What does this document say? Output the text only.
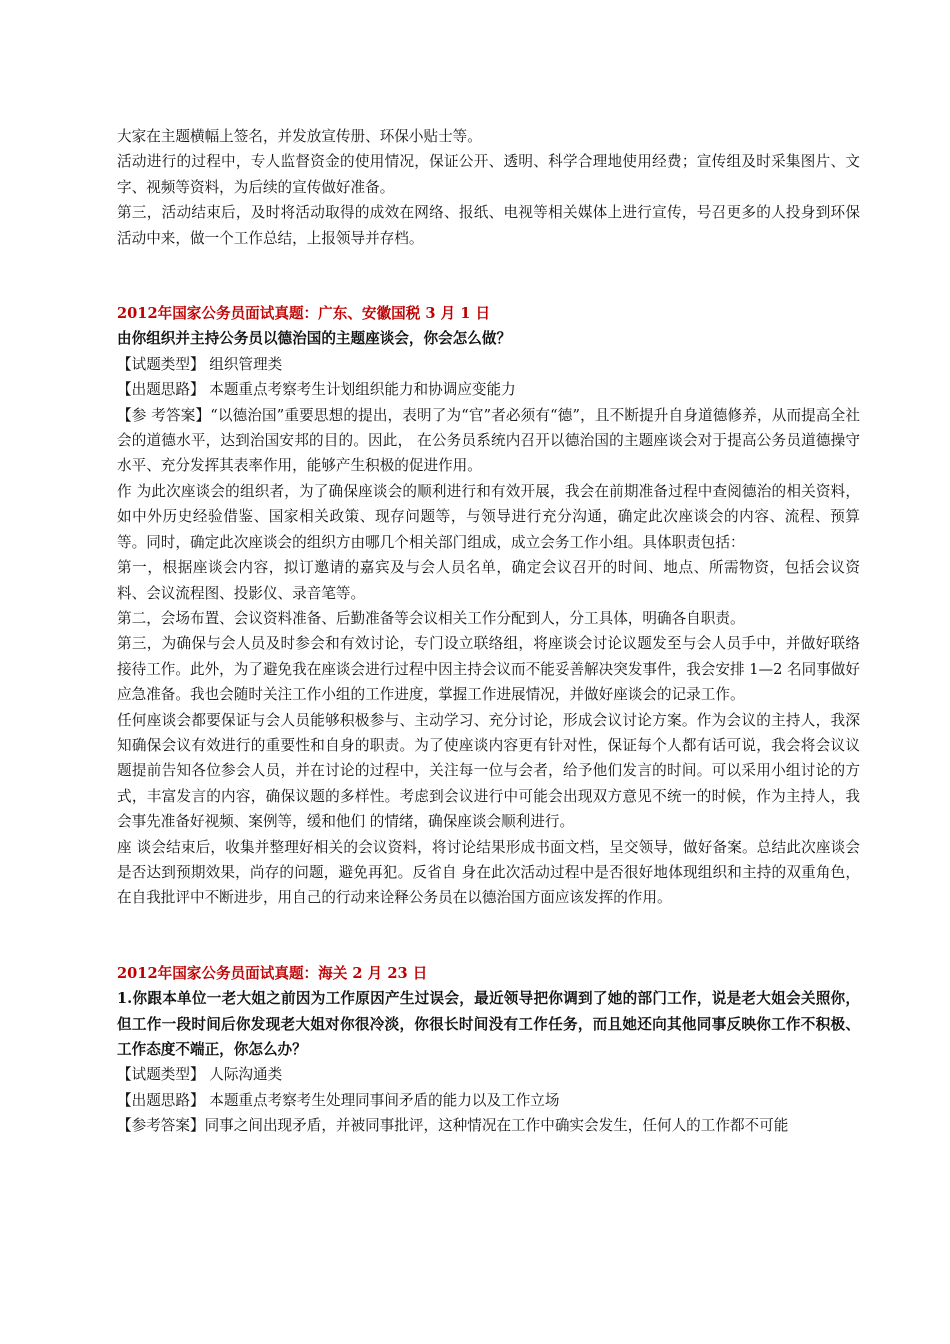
大家在主题横幅上签名，并发放宣传册、环保小贴士等。

活动进行的过程中，专人监督资金的使用情况，保证公开、透明、科学合理地使用经费；宣传组及时采集图片、文字、视频等资料，为后续的宣传做好准备。

第三，活动结束后，及时将活动取得的成效在网络、报纸、电视等相关媒体上进行宣传，号召更多的人投身到环保活动中来，做一个工作总结，上报领导并存档。

2012年国家公务员面试真题：广东、安徽国税 3 月 1 日

由你组织并主持公务员以德治国的主题座谈会，你会怎么做？

【试题类型】 组织管理类

【出题思路】 本题重点考察考生计划组织能力和协调应变能力

【参 考答案】“以德治国”重要思想的提出，表明了为“官”者必须有“德”，且不断提升自身道德修养，从而提高全社会的道德水平，达到治国安邦的目的。因此， 在公务员系统内召开以德治国的主题座谈会对于提高公务员道德操守水平、充分发挥其表率作用，能够产生积极的促进作用。

作 为此次座谈会的组织者，为了确保座谈会的顺利进行和有效开展，我会在前期准备过程中查阅德治的相关资料，如中外历史经验借鉴、国家相关政策、现存问题等，与领导进行充分沟通，确定此次座谈会的内容、流程、预算等。同时，确定此次座谈会的组织方由哪几个相关部门组成，成立会务工作小组。具体职责包括：

第一，根据座谈会内容，拟订邀请的嘉宾及与会人员名单，确定会议召开的时间、地点、所需物资，包括会议资料、会议流程图、投影仪、录音笔等。

第二，会场布置、会议资料准备、后勤准备等会议相关工作分配到人，分工具体，明确各自职责。

第三，为确保与会人员及时参会和有效讨论，专门设立联络组，将座谈会讨论议题发至与会人员手中，并做好联络接待工作。此外，为了避免我在座谈会进行过程中因主持会议而不能妥善解决突发事件，我会安排 1—2 名同事做好应急准备。我也会随时关注工作小组的工作进度，掌握工作进展情况，并做好座谈会的记录工作。

任何座谈会都要保证与会人员能够积极参与、主动学习、充分讨论，形成会议讨论方案。作为会议的主持人，我深知确保会议有效进行的重要性和自身的职责。为了使座谈内容更有针对性，保证每个人都有话可说，我会将会议议题提前告知各位参会人员，并在讨论的过程中，关注每一位与会者，给予他们发言的时间。可以采用小组讨论的方式，丰富发言的内容，确保议题的多样性。考虑到会议进行中可能会出现双方意见不统一的时候，作为主持人，我会事先准备好视频、案例等，缓和他们 的情绪，确保座谈会顺利进行。

座 谈会结束后，收集并整理好相关的会议资料，将讨论结果形成书面文档，呈交领导，做好备案。总结此次座谈会是否达到预期效果，尚存的问题，避免再犯。反省自 身在此次活动过程中是否很好地体现组织和主持的双重角色，在自我批评中不断进步，用自己的行动来诠释公务员在以德治国方面应该发挥的作用。

2012年国家公务员面试真题：海关 2 月 23 日

1.你跟本单位一老大姐之前因为工作原因产生过误会，最近领导把你调到了她的部门工作，说是老大姐会关照你，但工作一段时间后你发现老大姐对你很冷淡，你很长时间没有工作任务，而且她还向其他同事反映你工作不积极、工作态度不端正，你怎么办？

【试题类型】 人际沟通类

【出题思路】 本题重点考察考生处理同事间矛盾的能力以及工作立场

【参考答案】同事之间出现矛盾，并被同事批评，这种情况在工作中确实会发生，任何人的工作都不可能
